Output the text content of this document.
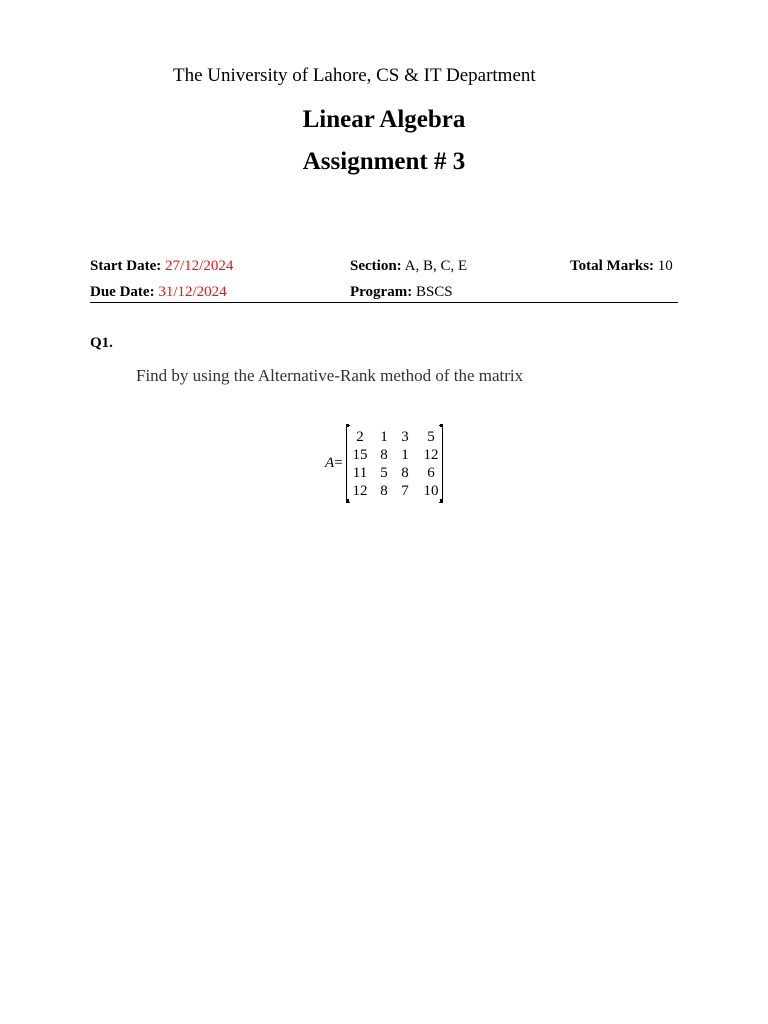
The University of Lahore, CS & IT Department
Linear Algebra
Assignment # 3
Start Date: 27/12/2024	Section: A, B, C, E	Total Marks: 10
Due Date: 31/12/2024	Program: BSCS
Q1.
Find by using the Alternative-Rank method of the matrix
A=
2	1 3	5
15 8 1 12
11 5 8	6
12 8 7 10
